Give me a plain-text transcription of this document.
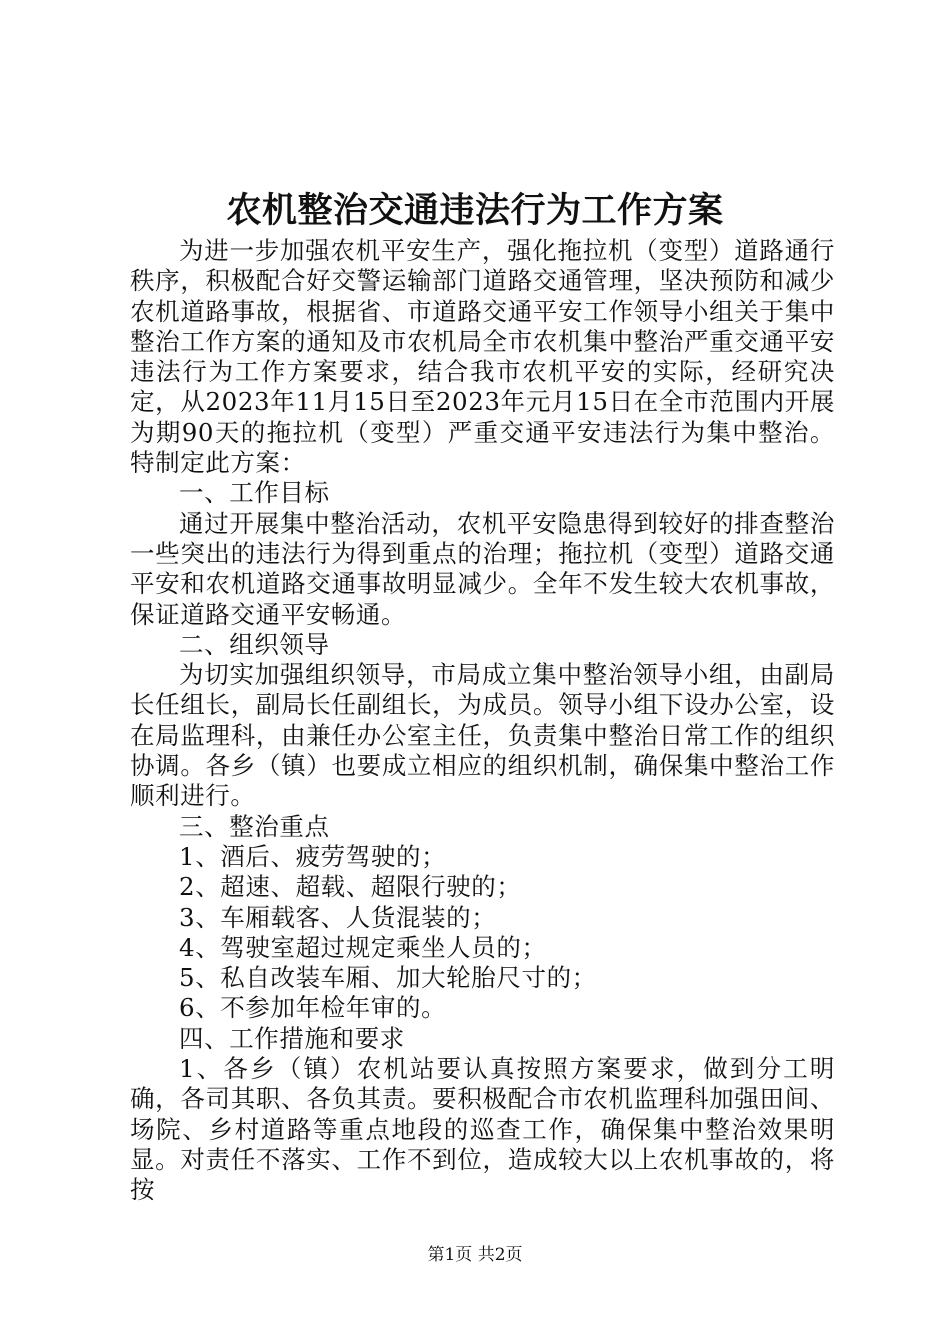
农机整治交通违法行为工作方案

为进一步加强农机平安生产，强化拖拉机（变型）道路通行秩序，积极配合好交警运输部门道路交通管理，坚决预防和减少农机道路事故，根据省、市道路交通平安工作领导小组关于集中整治工作方案的通知及市农机局全市农机集中整治严重交通平安违法行为工作方案要求，结合我市农机平安的实际，经研究决定，从2023年11月15日至2023年元月15日在全市范围内开展为期90天的拖拉机（变型）严重交通平安违法行为集中整治。特制定此方案：

一、工作目标

通过开展集中整治活动，农机平安隐患得到较好的排查整治一些突出的违法行为得到重点的治理；拖拉机（变型）道路交通平安和农机道路交通事故明显减少。全年不发生较大农机事故，保证道路交通平安畅通。

二、组织领导

为切实加强组织领导，市局成立集中整治领导小组，由副局长任组长，副局长任副组长，为成员。领导小组下设办公室，设在局监理科，由兼任办公室主任，负责集中整治日常工作的组织协调。各乡（镇）也要成立相应的组织机制，确保集中整治工作顺利进行。

三、整治重点

1、酒后、疲劳驾驶的；

2、超速、超载、超限行驶的；

3、车厢载客、人货混装的；

4、驾驶室超过规定乘坐人员的；

5、私自改装车厢、加大轮胎尺寸的；

6、不参加年检年审的。

四、工作措施和要求

1、各乡（镇）农机站要认真按照方案要求，做到分工明确，各司其职、各负其责。要积极配合市农机监理科加强田间、场院、乡村道路等重点地段的巡查工作，确保集中整治效果明显。对责任不落实、工作不到位，造成较大以上农机事故的，将按

第1页 共2页
